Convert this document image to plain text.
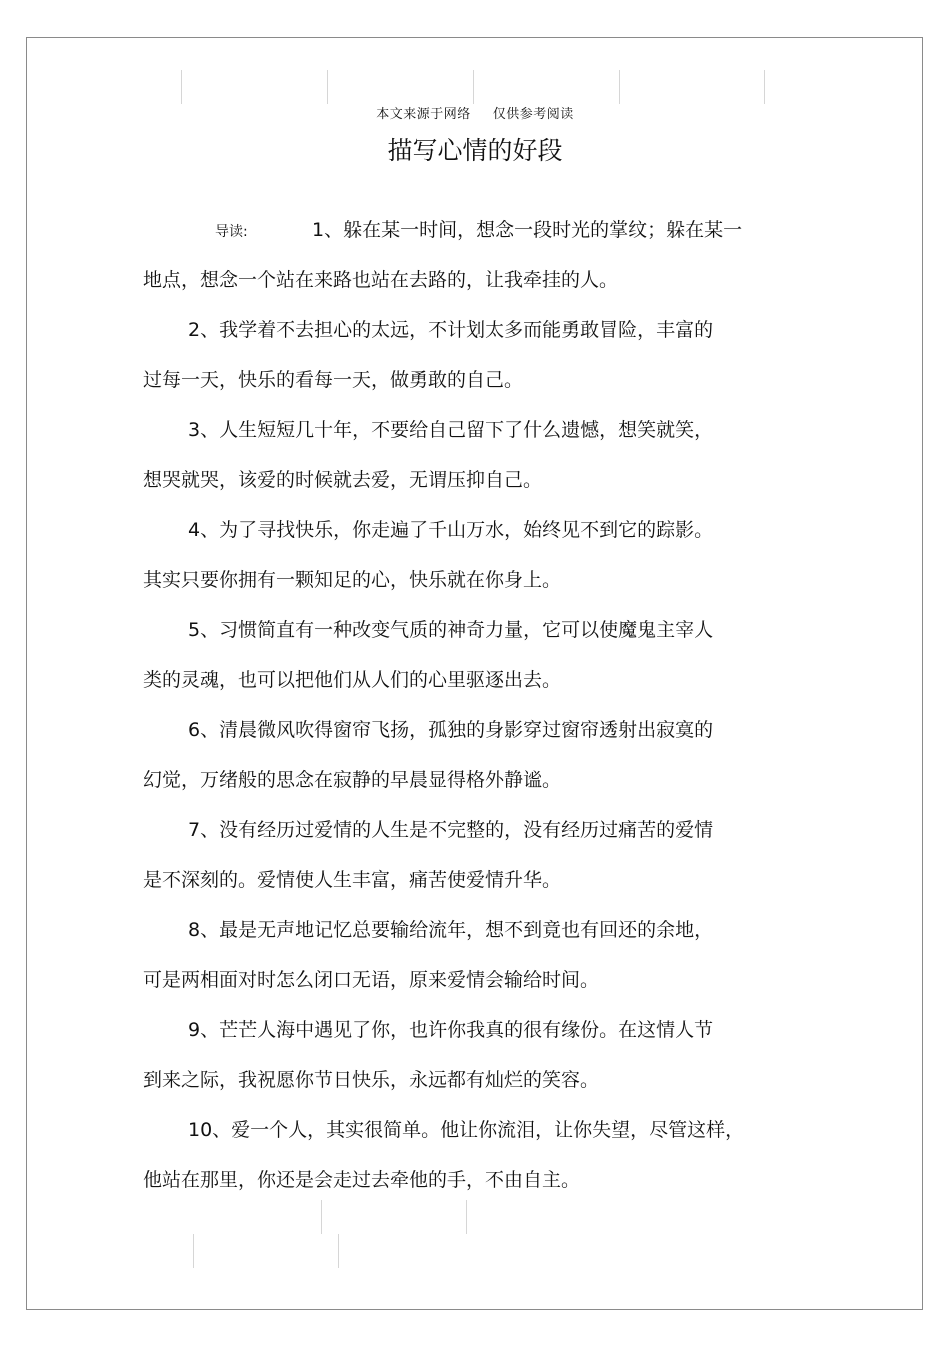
本文来源于网络 仅供参考阅读
描写心情的好段

导读:	1、躲在某一时间，想念一段时光的掌纹；躲在某一
地点，想念一个站在来路也站在去路的，让我牵挂的人。

2、我学着不去担心的太远，不计划太多而能勇敢冒险，丰富的
过每一天，快乐的看每一天，做勇敢的自己。

3、人生短短几十年，不要给自己留下了什么遗憾，想笑就笑，
想哭就哭，该爱的时候就去爱，无谓压抑自己。

4、为了寻找快乐，你走遍了千山万水，始终见不到它的踪影。
其实只要你拥有一颗知足的心，快乐就在你身上。

5、习惯简直有一种改变气质的神奇力量，它可以使魔鬼主宰人
类的灵魂，也可以把他们从人们的心里驱逐出去。

6、清晨微风吹得窗帘飞扬，孤独的身影穿过窗帘透射出寂寞的
幻觉，万绪般的思念在寂静的早晨显得格外静谧。

7、没有经历过爱情的人生是不完整的，没有经历过痛苦的爱情
是不深刻的。爱情使人生丰富，痛苦使爱情升华。

8、最是无声地记忆总要输给流年，想不到竟也有回还的余地，
可是两相面对时怎么闭口无语，原来爱情会输给时间。

9、芒芒人海中遇见了你，也许你我真的很有缘份。在这情人节
到来之际，我祝愿你节日快乐，永远都有灿烂的笑容。

10、爱一个人，其实很简单。他让你流泪，让你失望，尽管这样，
他站在那里，你还是会走过去牵他的手，不由自主。
